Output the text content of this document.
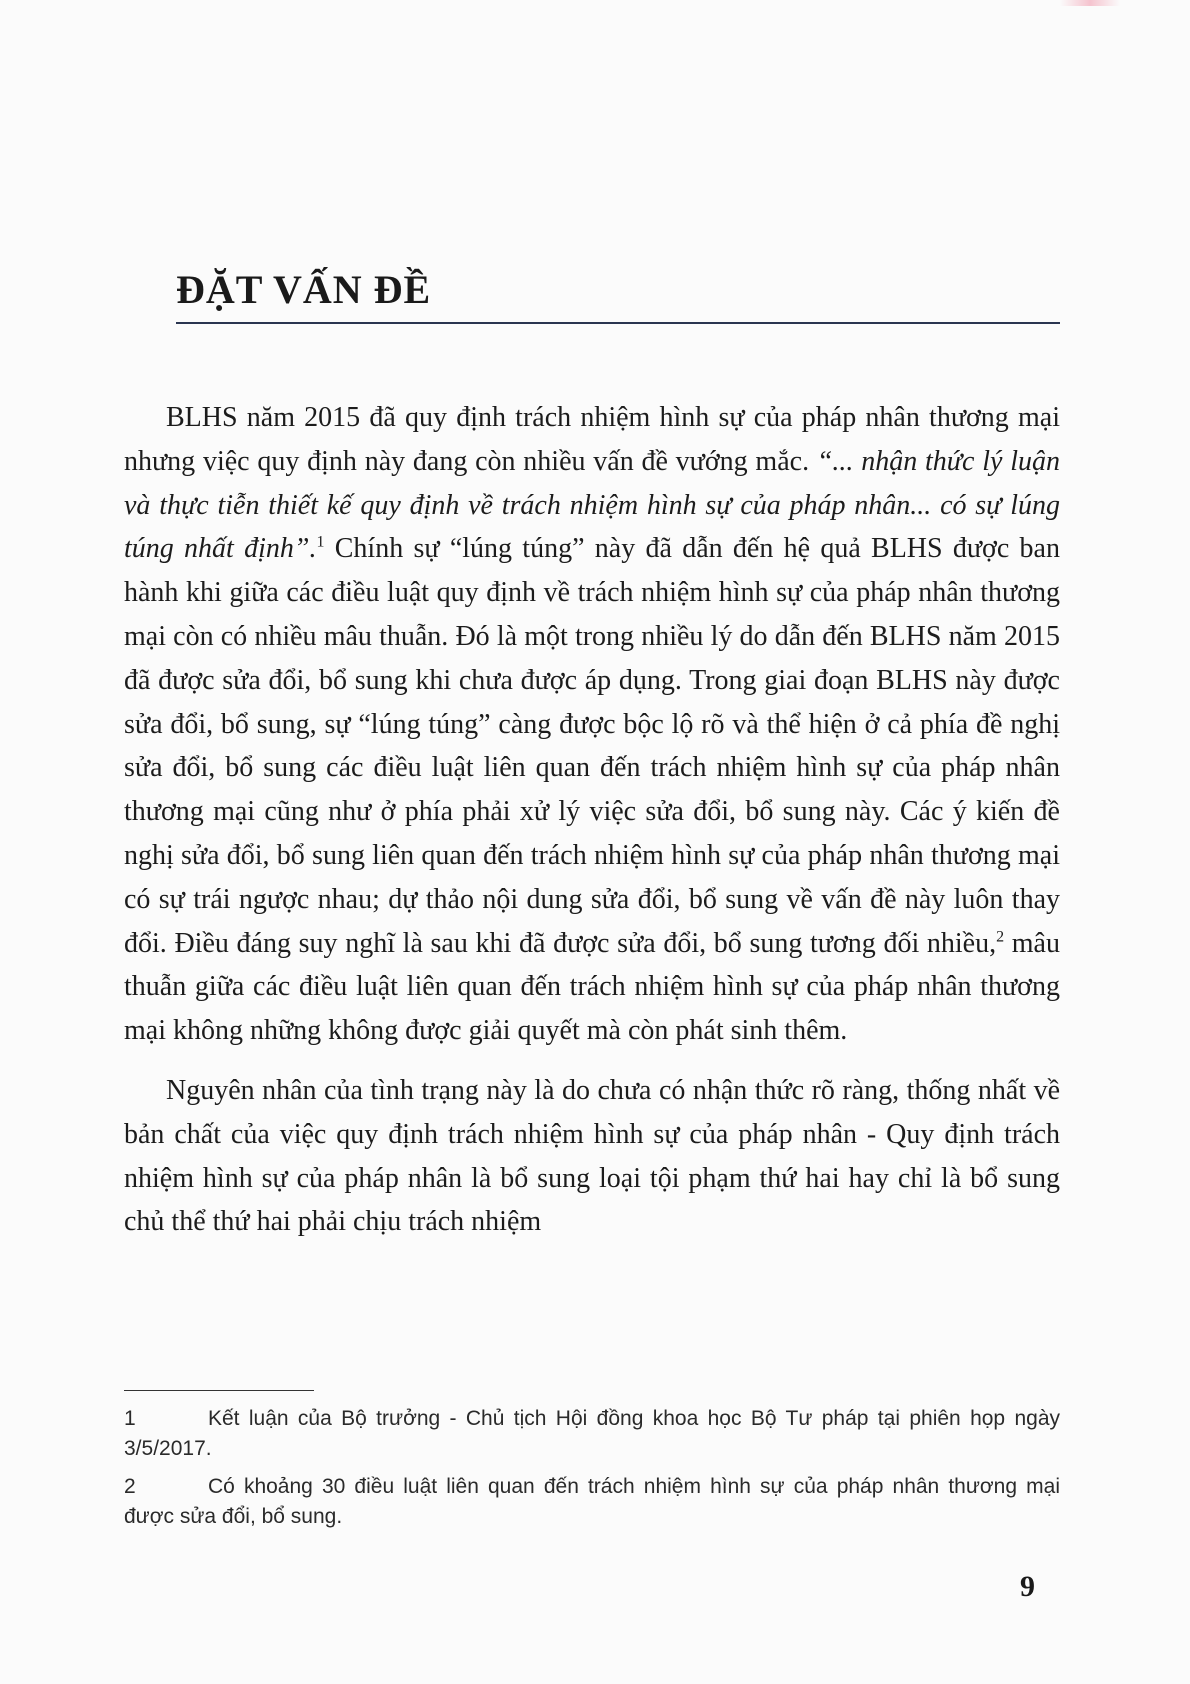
ĐẶT VẤN ĐỀ

BLHS năm 2015 đã quy định trách nhiệm hình sự của pháp nhân thương mại nhưng việc quy định này đang còn nhiều vấn đề vướng mắc. “... nhận thức lý luận và thực tiễn thiết kế quy định về trách nhiệm hình sự của pháp nhân... có sự lúng túng nhất định”.$^1$ Chính sự “lúng túng” này đã dẫn đến hệ quả BLHS được ban hành khi giữa các điều luật quy định về trách nhiệm hình sự của pháp nhân thương mại còn có nhiều mâu thuẫn. Đó là một trong nhiều lý do dẫn đến BLHS năm 2015 đã được sửa đổi, bổ sung khi chưa được áp dụng. Trong giai đoạn BLHS này được sửa đổi, bổ sung, sự “lúng túng” càng được bộc lộ rõ và thể hiện ở cả phía đề nghị sửa đổi, bổ sung các điều luật liên quan đến trách nhiệm hình sự của pháp nhân thương mại cũng như ở phía phải xử lý việc sửa đổi, bổ sung này. Các ý kiến đề nghị sửa đổi, bổ sung liên quan đến trách nhiệm hình sự của pháp nhân thương mại có sự trái ngược nhau; dự thảo nội dung sửa đổi, bổ sung về vấn đề này luôn thay đổi. Điều đáng suy nghĩ là sau khi đã được sửa đổi, bổ sung tương đối nhiều,$^2$ mâu thuẫn giữa các điều luật liên quan đến trách nhiệm hình sự của pháp nhân thương mại không những không được giải quyết mà còn phát sinh thêm.

Nguyên nhân của tình trạng này là do chưa có nhận thức rõ ràng, thống nhất về bản chất của việc quy định trách nhiệm hình sự của pháp nhân - Quy định trách nhiệm hình sự của pháp nhân là bổ sung loại tội phạm thứ hai hay chỉ là bổ sung chủ thể thứ hai phải chịu trách nhiệm

1	Kết luận của Bộ trưởng - Chủ tịch Hội đồng khoa học Bộ Tư pháp tại phiên họp ngày 3/5/2017.

2	Có khoảng 30 điều luật liên quan đến trách nhiệm hình sự của pháp nhân thương mại được sửa đổi, bổ sung.

9
